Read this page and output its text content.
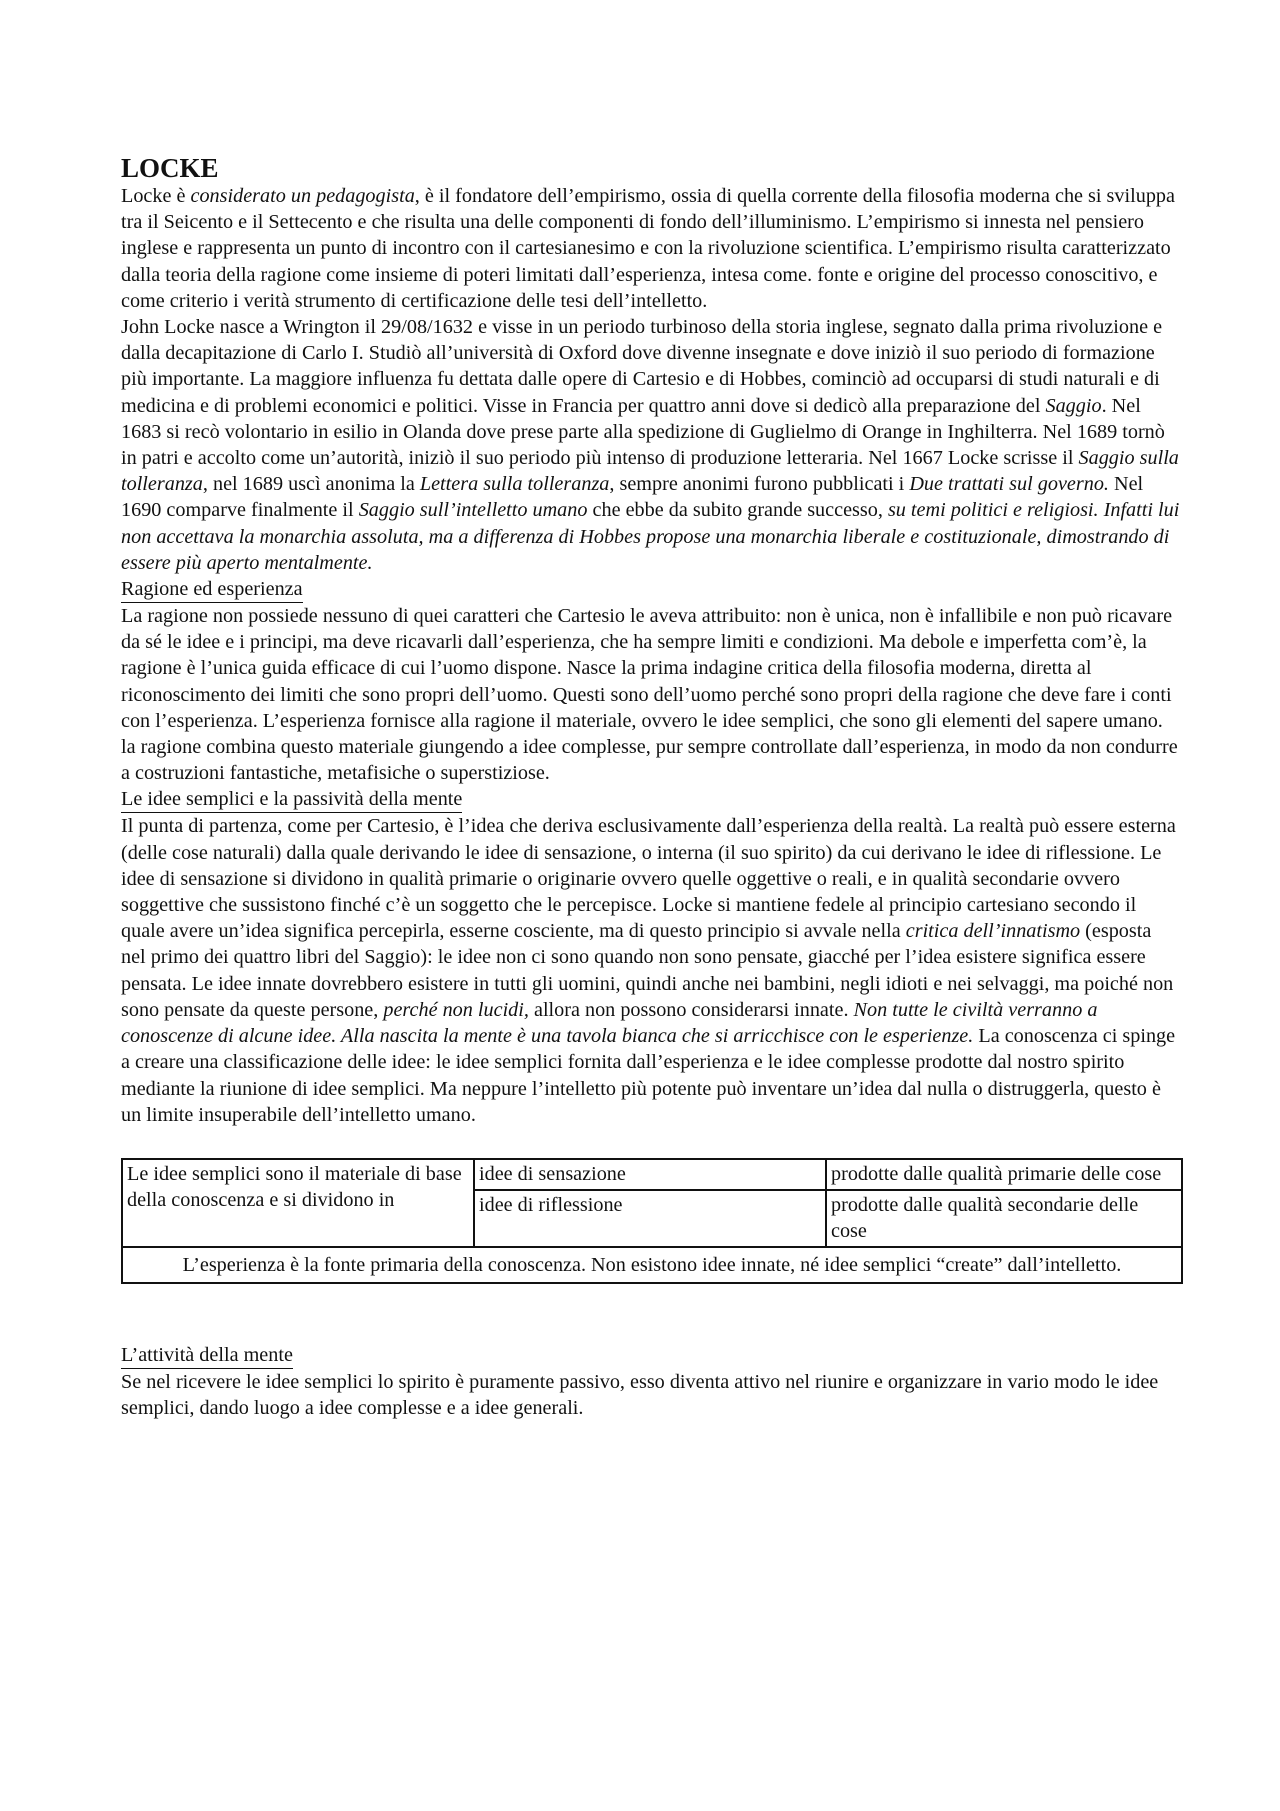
LOCKE

Locke è considerato un pedagogista, è il fondatore dell’empirismo, ossia di quella corrente della filosofia moderna che si sviluppa tra il Seicento e il Settecento e che risulta una delle componenti di fondo dell’illuminismo. L’empirismo si innesta nel pensiero inglese e rappresenta un punto di incontro con il cartesianesimo e con la rivoluzione scientifica. L’empirismo risulta caratterizzato dalla teoria della ragione come insieme di poteri limitati dall’esperienza, intesa come. fonte e origine del processo conoscitivo, e come criterio i verità strumento di certificazione delle tesi dell’intelletto.

John Locke nasce a Wrington il 29/08/1632 e visse in un periodo turbinoso della storia inglese, segnato dalla prima rivoluzione e dalla decapitazione di Carlo I. Studiò all’università di Oxford dove divenne insegnate e dove iniziò il suo periodo di formazione più importante. La maggiore influenza fu dettata dalle opere di Cartesio e di Hobbes, cominciò ad occuparsi di studi naturali e di medicina e di problemi economici e politici. Visse in Francia per quattro anni dove si dedicò alla preparazione del Saggio. Nel 1683 si recò volontario in esilio in Olanda dove prese parte alla spedizione di Guglielmo di Orange in Inghilterra. Nel 1689 tornò in patri e accolto come un’autorità, iniziò il suo periodo più intenso di produzione letteraria. Nel 1667 Locke scrisse il Saggio sulla tolleranza, nel 1689 uscì anonima la Lettera sulla tolleranza, sempre anonimi furono pubblicati i Due trattati sul governo. Nel 1690 comparve finalmente il Saggio sull’intelletto umano che ebbe da subito grande successo, su temi politici e religiosi. Infatti lui non accettava la monarchia assoluta, ma a differenza di Hobbes propose una monarchia liberale e costituzionale, dimostrando di essere più aperto mentalmente.

Ragione ed esperienza

La ragione non possiede nessuno di quei caratteri che Cartesio le aveva attribuito: non è unica, non è infallibile e non può ricavare da sé le idee e i principi, ma deve ricavarli dall’esperienza, che ha sempre limiti e condizioni. Ma debole e imperfetta com’è, la ragione è l’unica guida efficace di cui l’uomo dispone. Nasce la prima indagine critica della filosofia moderna, diretta al riconoscimento dei limiti che sono propri dell’uomo. Questi sono dell’uomo perché sono propri della ragione che deve fare i conti con l’esperienza. L’esperienza fornisce alla ragione il materiale, ovvero le idee semplici, che sono gli elementi del sapere umano. la ragione combina questo materiale giungendo a idee complesse, pur sempre controllate dall’esperienza, in modo da non condurre a costruzioni fantastiche, metafisiche o superstiziose.

Le idee semplici e la passività della mente

Il punta di partenza, come per Cartesio, è l’idea che deriva esclusivamente dall’esperienza della realtà. La realtà può essere esterna (delle cose naturali) dalla quale derivando le idee di sensazione, o interna (il suo spirito) da cui derivano le idee di riflessione. Le idee di sensazione si dividono in qualità primarie o originarie ovvero quelle oggettive o reali, e in qualità secondarie ovvero soggettive che sussistono finché c’è un soggetto che le percepisce. Locke si mantiene fedele al principio cartesiano secondo il quale avere un’idea significa percepirla, esserne cosciente, ma di questo principio si avvale nella critica dell’innatismo (esposta nel primo dei quattro libri del Saggio): le idee non ci sono quando non sono pensate, giacché per l’idea esistere significa essere pensata. Le idee innate dovrebbero esistere in tutti gli uomini, quindi anche nei bambini, negli idioti e nei selvaggi, ma poiché non sono pensate da queste persone, perché non lucidi, allora non possono considerarsi innate. Non tutte le civiltà verranno a conoscenze di alcune idee. Alla nascita la mente è una tavola bianca che si arricchisce con le esperienze. La conoscenza ci spinge a creare una classificazione delle idee: le idee semplici fornita dall’esperienza e le idee complesse prodotte dal nostro spirito mediante la riunione di idee semplici. Ma neppure l’intelletto più potente può inventare un’idea dal nulla o distruggerla, questo è un limite insuperabile dell’intelletto umano.

Le idee semplici sono il materiale di base della conoscenza e si dividono in	idee di sensazione	prodotte dalle qualità primarie delle cose
	idee di riflessione	prodotte dalle qualità secondarie delle cose
L’esperienza è la fonte primaria della conoscenza. Non esistono idee innate, né idee semplici “create” dall’intelletto.		
L’attività della mente

Se nel ricevere le idee semplici lo spirito è puramente passivo, esso diventa attivo nel riunire e organizzare in vario modo le idee semplici, dando luogo a idee complesse e a idee generali.
